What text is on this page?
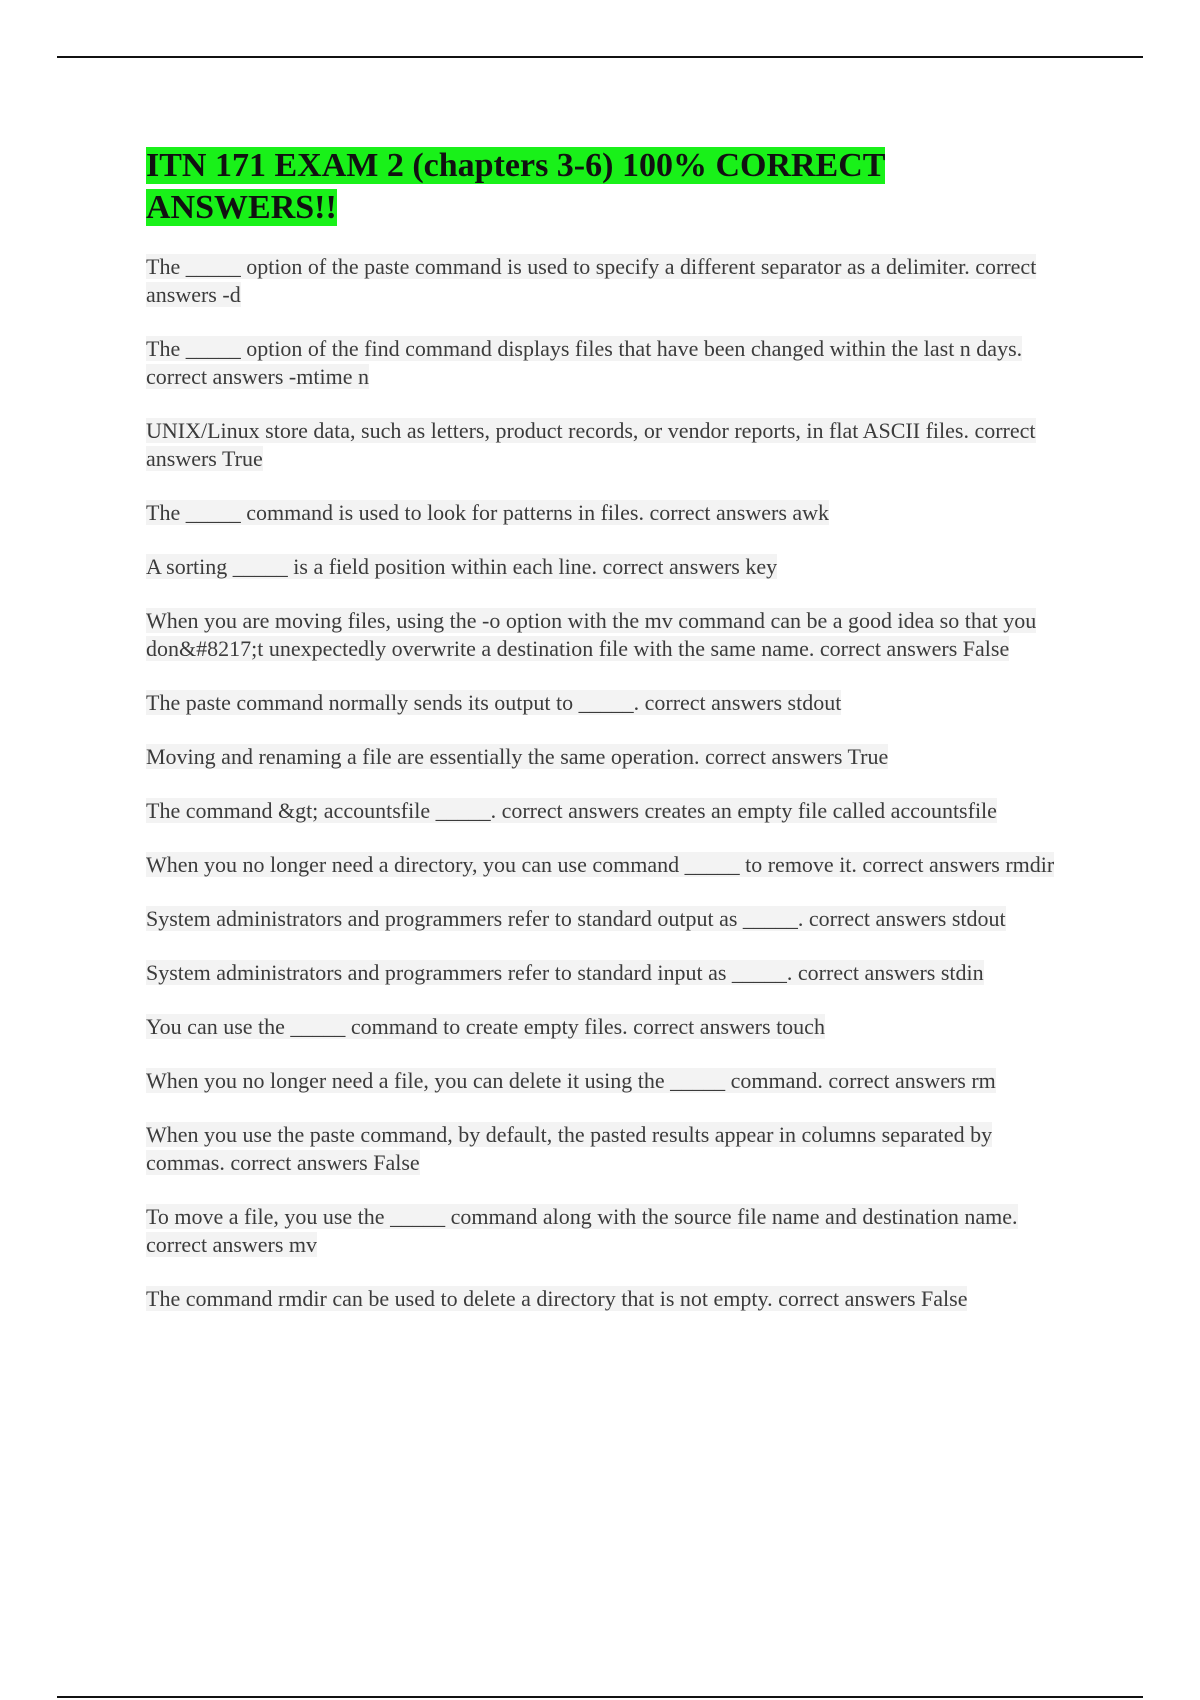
ITN 171 EXAM 2 (chapters 3-6) 100% CORRECT ANSWERS!!
The _____ option of the paste command is used to specify a different separator as a delimiter. correct answers -d
The _____ option of the find command displays files that have been changed within the last n days. correct answers -mtime n
UNIX/Linux store data, such as letters, product records, or vendor reports, in flat ASCII files. correct answers True
The _____ command is used to look for patterns in files. correct answers awk
A sorting _____ is a field position within each line. correct answers key
When you are moving files, using the -o option with the mv command can be a good idea so that you don&#8217;t unexpectedly overwrite a destination file with the same name. correct answers False
The paste command normally sends its output to _____. correct answers stdout
Moving and renaming a file are essentially the same operation. correct answers True
The command &gt; accountsfile _____. correct answers creates an empty file called accountsfile
When you no longer need a directory, you can use command _____ to remove it. correct answers rmdir
System administrators and programmers refer to standard output as _____. correct answers stdout
System administrators and programmers refer to standard input as _____. correct answers stdin
You can use the _____ command to create empty files. correct answers touch
When you no longer need a file, you can delete it using the _____ command. correct answers rm
When you use the paste command, by default, the pasted results appear in columns separated by commas. correct answers False
To move a file, you use the _____ command along with the source file name and destination name. correct answers mv
The command rmdir can be used to delete a directory that is not empty. correct answers False
